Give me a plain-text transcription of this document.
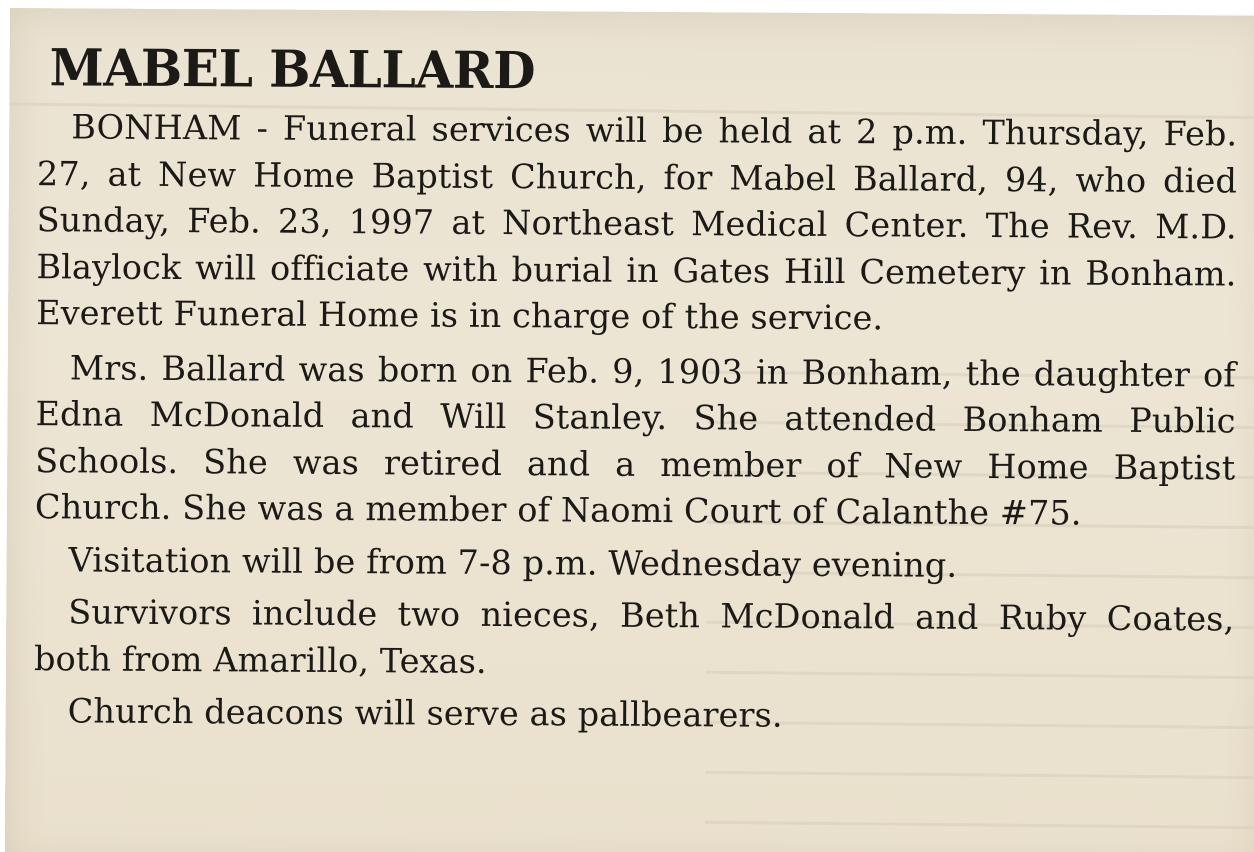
MABEL BALLARD

BONHAM - Funeral services will be held at 2 p.m. Thursday, Feb. 27, at New Home Baptist Church, for Mabel Ballard, 94, who died Sunday, Feb. 23, 1997 at Northeast Medical Center. The Rev. M.D. Blaylock will officiate with burial in Gates Hill Cemetery in Bonham. Everett Funeral Home is in charge of the service.

Mrs. Ballard was born on Feb. 9, 1903 in Bonham, the daughter of Edna McDonald and Will Stanley. She attended Bonham Public Schools. She was retired and a member of New Home Baptist Church. She was a member of Naomi Court of Calanthe #75.

Visitation will be from 7-8 p.m. Wednesday evening.

Survivors include two nieces, Beth McDonald and Ruby Coates, both from Amarillo, Texas.

Church deacons will serve as pallbearers.
